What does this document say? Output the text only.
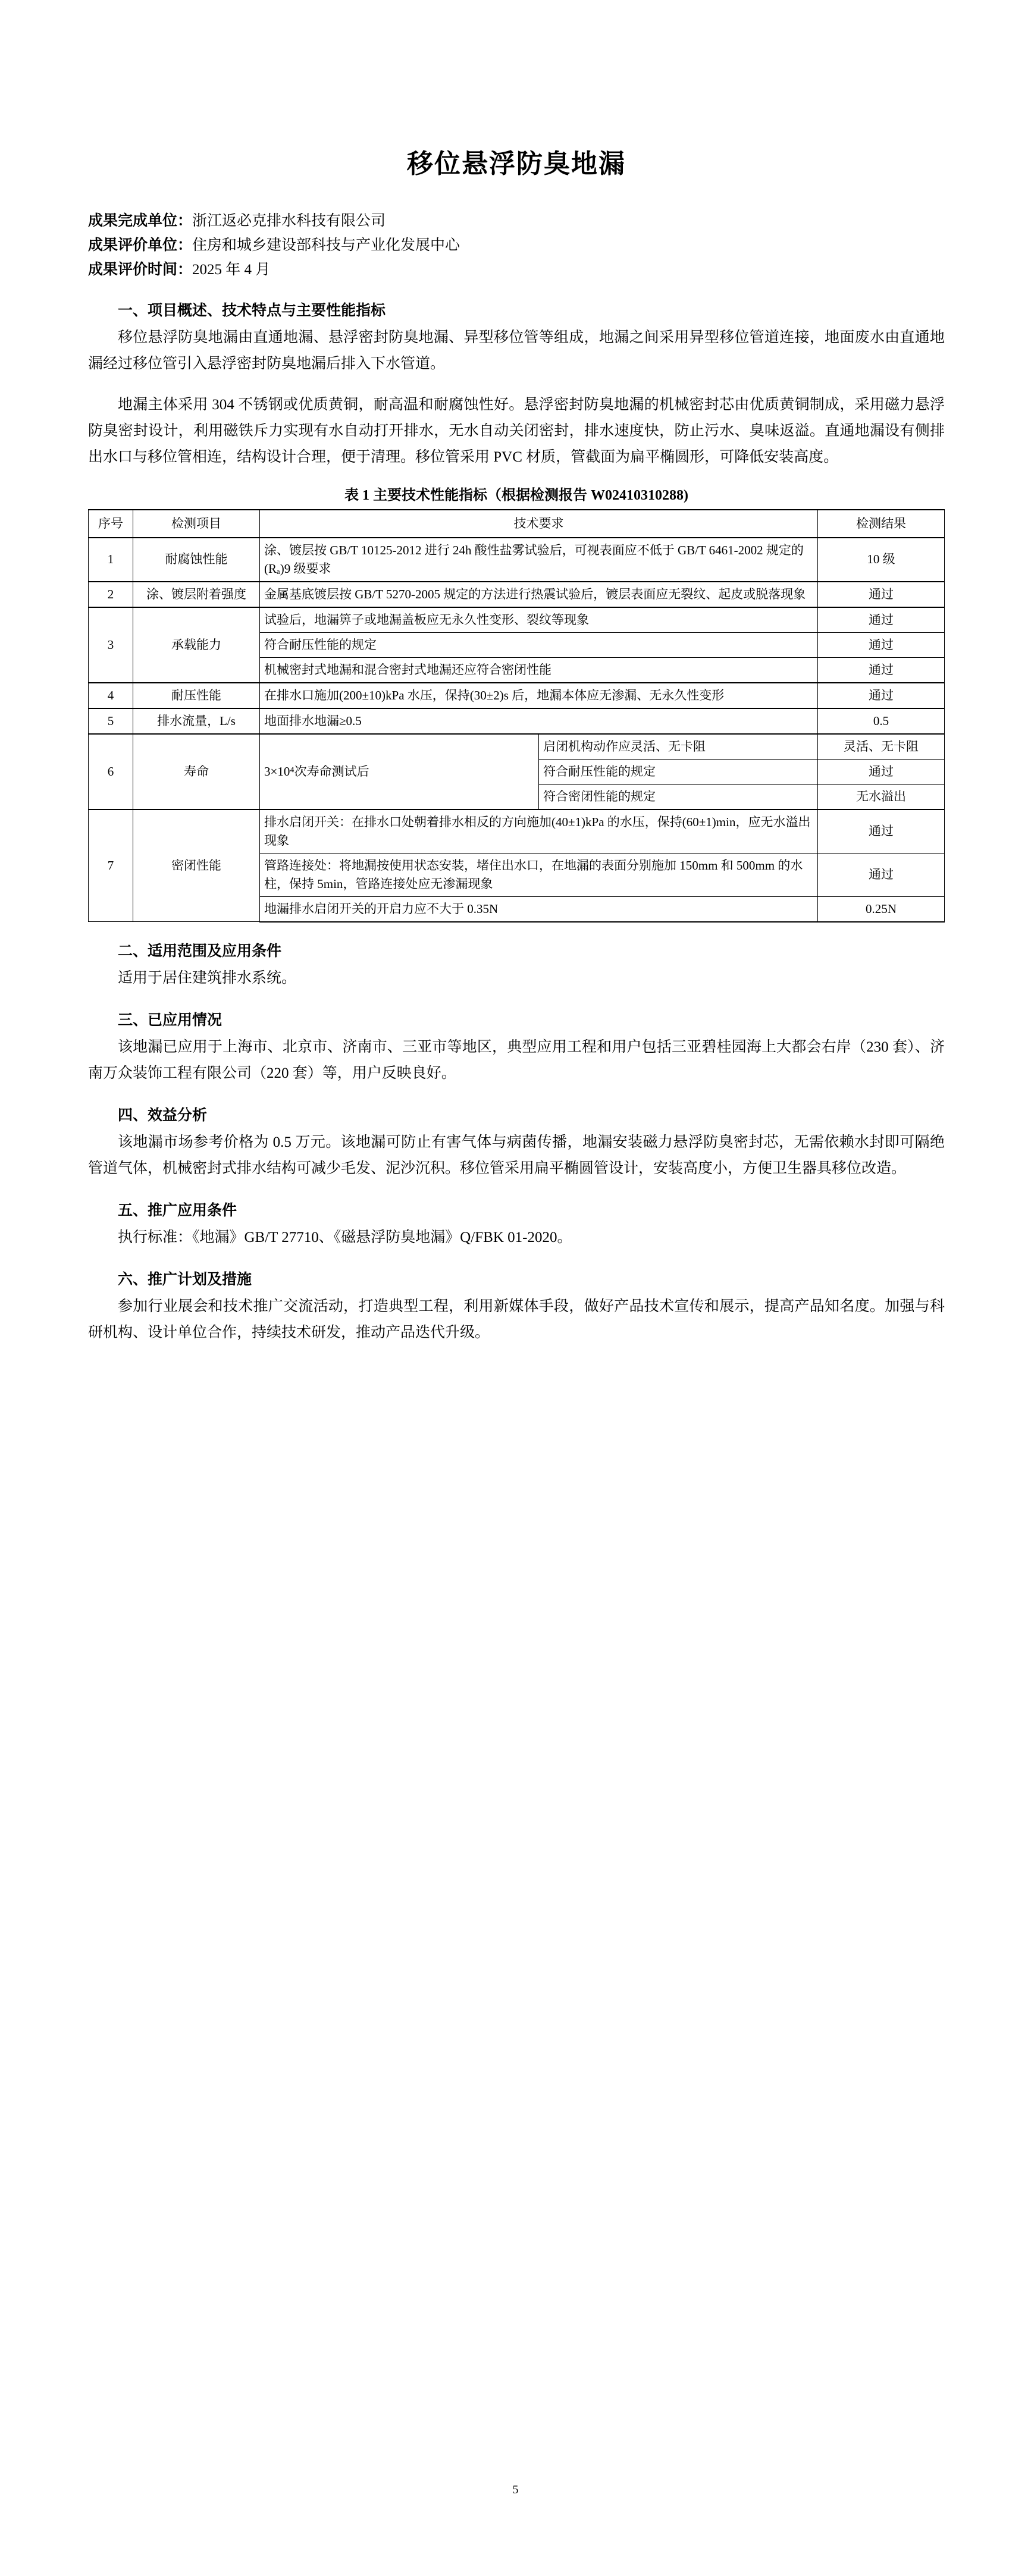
移位悬浮防臭地漏
成果完成单位：浙江返必克排水科技有限公司
成果评价单位：住房和城乡建设部科技与产业化发展中心
成果评价时间：2025 年 4 月
一、项目概述、技术特点与主要性能指标

移位悬浮防臭地漏由直通地漏、悬浮密封防臭地漏、异型移位管等组成，地漏之间采用异型移位管道连接，地面废水由直通地漏经过移位管引入悬浮密封防臭地漏后排入下水管道。

地漏主体采用 304 不锈钢或优质黄铜，耐高温和耐腐蚀性好。悬浮密封防臭地漏的机械密封芯由优质黄铜制成，采用磁力悬浮防臭密封设计，利用磁铁斥力实现有水自动打开排水，无水自动关闭密封，排水速度快，防止污水、臭味返溢。直通地漏设有侧排出水口与移位管相连，结构设计合理，便于清理。移位管采用 PVC 材质，管截面为扁平椭圆形，可降低安装高度。

表 1 主要技术性能指标（根据检测报告 W02410310288)
序号	检测项目	技术要求		检测结果
1	耐腐蚀性能	涂、镀层按 GB/T 10125-2012 进行 24h 酸性盐雾试验后，可视表面应不低于 GB/T 6461-2002 规定的 (Rₐ)9 级要求		10 级
2	涂、镀层附着强度	金属基底镀层按 GB/T 5270-2005 规定的方法进行热震试验后，镀层表面应无裂纹、起皮或脱落现象		通过
3	承载能力	试验后，地漏箅子或地漏盖板应无永久性变形、裂纹等现象		通过
		符合耐压性能的规定		通过
		机械密封式地漏和混合密封式地漏还应符合密闭性能		通过
4	耐压性能	在排水口施加(200±10)kPa 水压，保持(30±2)s 后，地漏本体应无渗漏、无永久性变形		通过
5	排水流量，L/s	地面排水地漏≥0.5		0.5
6	寿命	3×10⁴次寿命测试后	启闭机构动作应灵活、无卡阻	灵活、无卡阻
			符合耐压性能的规定	通过
			符合密闭性能的规定	无水溢出
7	密闭性能	排水启闭开关：在排水口处朝着排水相反的方向施加(40±1)kPa 的水压，保持(60±1)min，应无水溢出现象		通过
		管路连接处：将地漏按使用状态安装，堵住出水口，在地漏的表面分别施加 150mm 和 500mm 的水柱，保持 5min，管路连接处应无渗漏现象		通过
		地漏排水启闭开关的开启力应不大于 0.35N		0.25N
二、适用范围及应用条件

适用于居住建筑排水系统。

三、已应用情况

该地漏已应用于上海市、北京市、济南市、三亚市等地区，典型应用工程和用户包括三亚碧桂园海上大都会右岸（230 套）、济南万众装饰工程有限公司（220 套）等，用户反映良好。

四、效益分析

该地漏市场参考价格为 0.5 万元。该地漏可防止有害气体与病菌传播，地漏安装磁力悬浮防臭密封芯，无需依赖水封即可隔绝管道气体，机械密封式排水结构可减少毛发、泥沙沉积。移位管采用扁平椭圆管设计，安装高度小，方便卫生器具移位改造。

五、推广应用条件

执行标准：《地漏》GB/T 27710、《磁悬浮防臭地漏》Q/FBK 01-2020。

六、推广计划及措施

参加行业展会和技术推广交流活动，打造典型工程，利用新媒体手段，做好产品技术宣传和展示，提高产品知名度。加强与科研机构、设计单位合作，持续技术研发，推动产品迭代升级。

5
